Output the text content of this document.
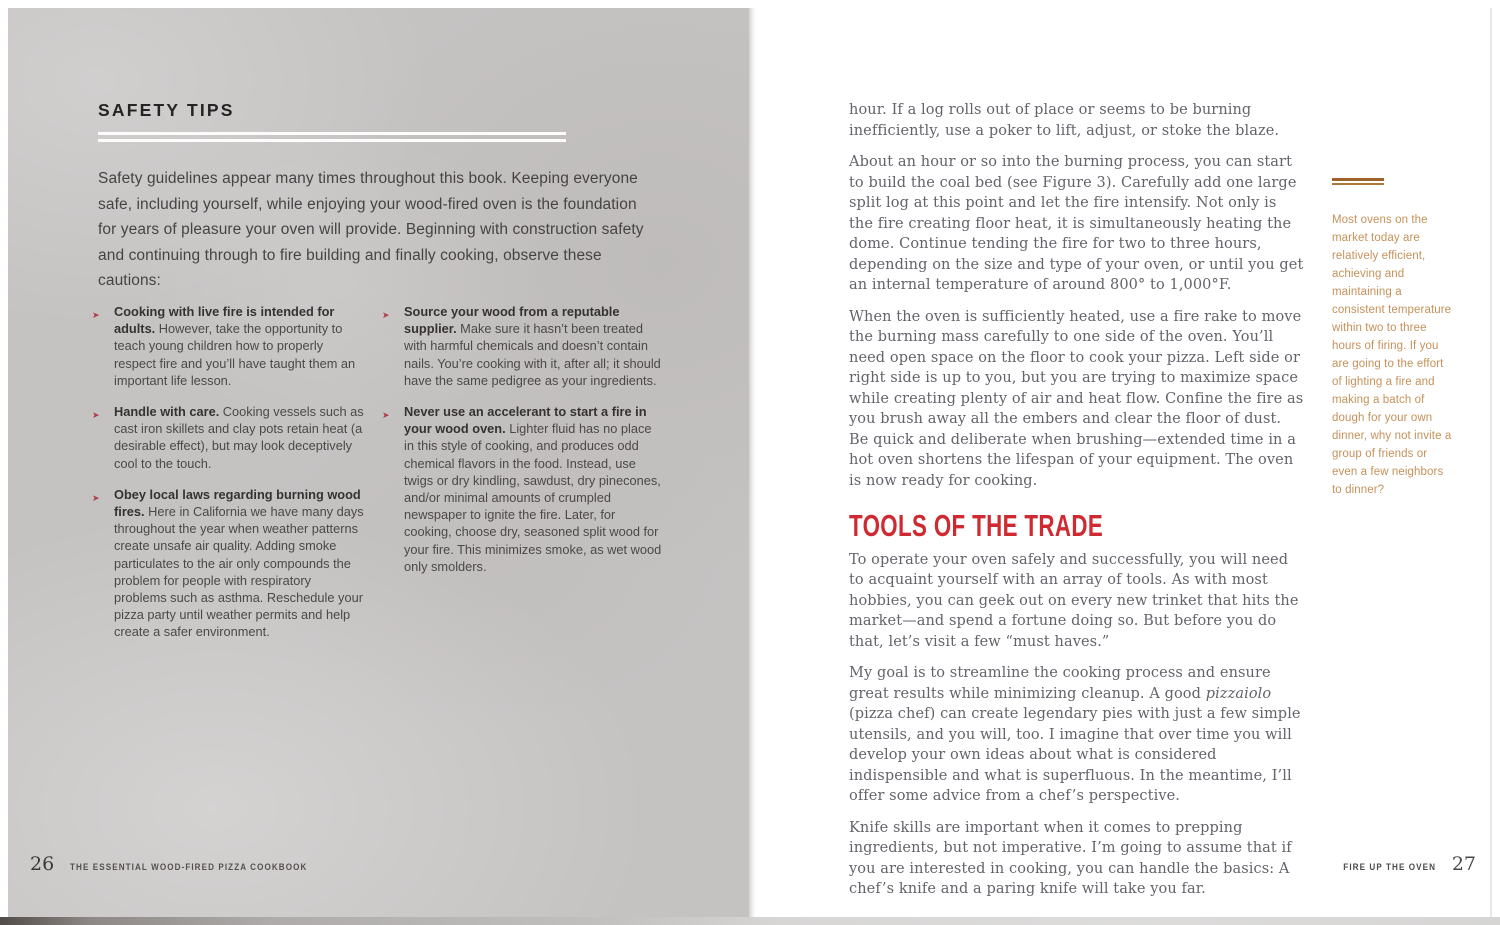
SAFETY TIPS
Safety guidelines appear many times throughout this book. Keeping everyone safe, including yourself, while enjoying your wood-fired oven is the foundation for years of pleasure your oven will provide. Beginning with construction safety and continuing through to fire building and finally cooking, observe these cautions:
➤	Cooking with live fire is intended for adults. However, take the opportunity to teach young children how to properly respect fire and you’ll have taught them an important life lesson.
➤	Handle with care. Cooking vessels such as cast iron skillets and clay pots retain heat (a desirable effect), but may look deceptively cool to the touch.
➤	Obey local laws regarding burning wood fires. Here in California we have many days throughout the year when weather patterns create unsafe air quality. Adding smoke particulates to the air only compounds the problem for people with respiratory problems such as asthma. Reschedule your pizza party until weather permits and help create a safer environment.
➤	Source your wood from a reputable supplier. Make sure it hasn’t been treated with harmful chemicals and doesn’t contain nails. You’re cooking with it, after all; it should have the same pedigree as your ingredients.
➤	Never use an accelerant to start a fire in your wood oven. Lighter fluid has no place in this style of cooking, and produces odd chemical flavors in the food. Instead, use twigs or dry kindling, sawdust, dry pinecones, and/or minimal amounts of crumpled newspaper to ignite the fire. Later, for cooking, choose dry, seasoned split wood for your fire. This minimizes smoke, as wet wood only smolders.
26 THE ESSENTIAL WOOD-FIRED PIZZA COOKBOOK

hour. If a log rolls out of place or seems to be burning inefficiently, use a poker to lift, adjust, or stoke the blaze.

About an hour or so into the burning process, you can start to build the coal bed (see Figure 3). Carefully add one large split log at this point and let the fire intensify. Not only is the fire creating floor heat, it is simultaneously heating the dome. Continue tending the fire for two to three hours, depending on the size and type of your oven, or until you get an internal temperature of around 800° to 1,000°F.

When the oven is sufficiently heated, use a fire rake to move the burning mass carefully to one side of the oven. You’ll need open space on the floor to cook your pizza. Left side or right side is up to you, but you are trying to maximize space while creating plenty of air and heat flow. Confine the fire as you brush away all the embers and clear the floor of dust. Be quick and deliberate when brushing—extended time in a hot oven shortens the lifespan of your equipment. The oven is now ready for cooking.

TOOLS OF THE TRADE

To operate your oven safely and successfully, you will need to acquaint yourself with an array of tools. As with most hobbies, you can geek out on every new trinket that hits the market—and spend a fortune doing so. But before you do that, let’s visit a few “must haves.”

My goal is to streamline the cooking process and ensure great results while minimizing cleanup. A good pizzaiolo (pizza chef) can create legendary pies with just a few simple utensils, and you will, too. I imagine that over time you will develop your own ideas about what is considered indispensible and what is superfluous. In the meantime, I’ll offer some advice from a chef’s perspective.

Knife skills are important when it comes to prepping ingredients, but not imperative. I’m going to assume that if you are interested in cooking, you can handle the basics: A chef’s knife and a paring knife will take you far.

Most ovens on the market today are relatively efficient, achieving and maintaining a consistent temperature within two to three hours of firing. If you are going to the effort of lighting a fire and making a batch of dough for your own dinner, why not invite a group of friends or even a few neighbors to dinner?
FIRE UP THE OVEN 27
